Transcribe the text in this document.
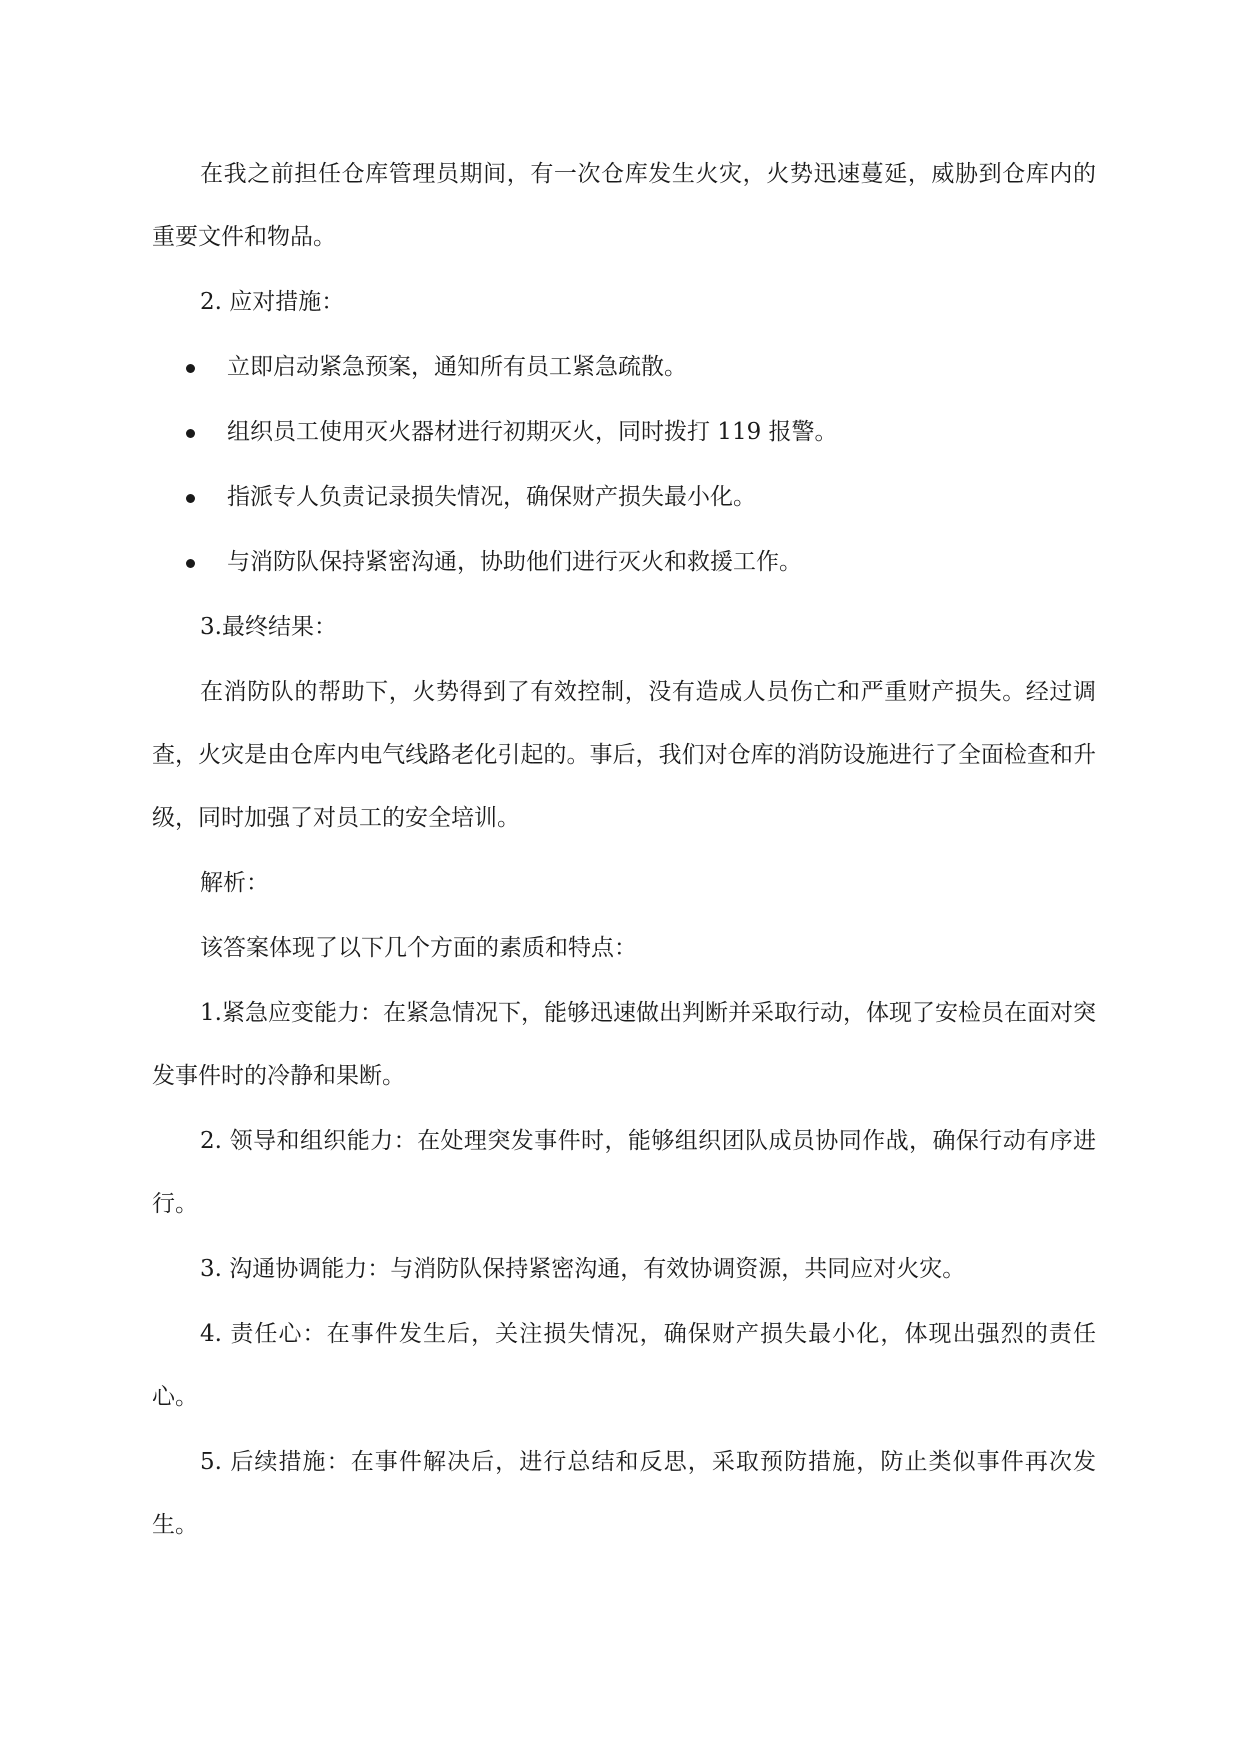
在我之前担任仓库管理员期间，有一次仓库发生火灾，火势迅速蔓延，威胁到仓库内的重要文件和物品。

2. 应对措施：

立即启动紧急预案，通知所有员工紧急疏散。
组织员工使用灭火器材进行初期灭火，同时拨打 119 报警。
指派专人负责记录损失情况，确保财产损失最小化。
与消防队保持紧密沟通，协助他们进行灭火和救援工作。

3.最终结果：

在消防队的帮助下，火势得到了有效控制，没有造成人员伤亡和严重财产损失。经过调查，火灾是由仓库内电气线路老化引起的。事后，我们对仓库的消防设施进行了全面检查和升级，同时加强了对员工的安全培训。

解析：

该答案体现了以下几个方面的素质和特点：

1.紧急应变能力：在紧急情况下，能够迅速做出判断并采取行动，体现了安检员在面对突发事件时的冷静和果断。

2. 领导和组织能力：在处理突发事件时，能够组织团队成员协同作战，确保行动有序进行。

3. 沟通协调能力：与消防队保持紧密沟通，有效协调资源，共同应对火灾。

4. 责任心：在事件发生后，关注损失情况，确保财产损失最小化，体现出强烈的责任心。

5. 后续措施：在事件解决后，进行总结和反思，采取预防措施，防止类似事件再次发生。
